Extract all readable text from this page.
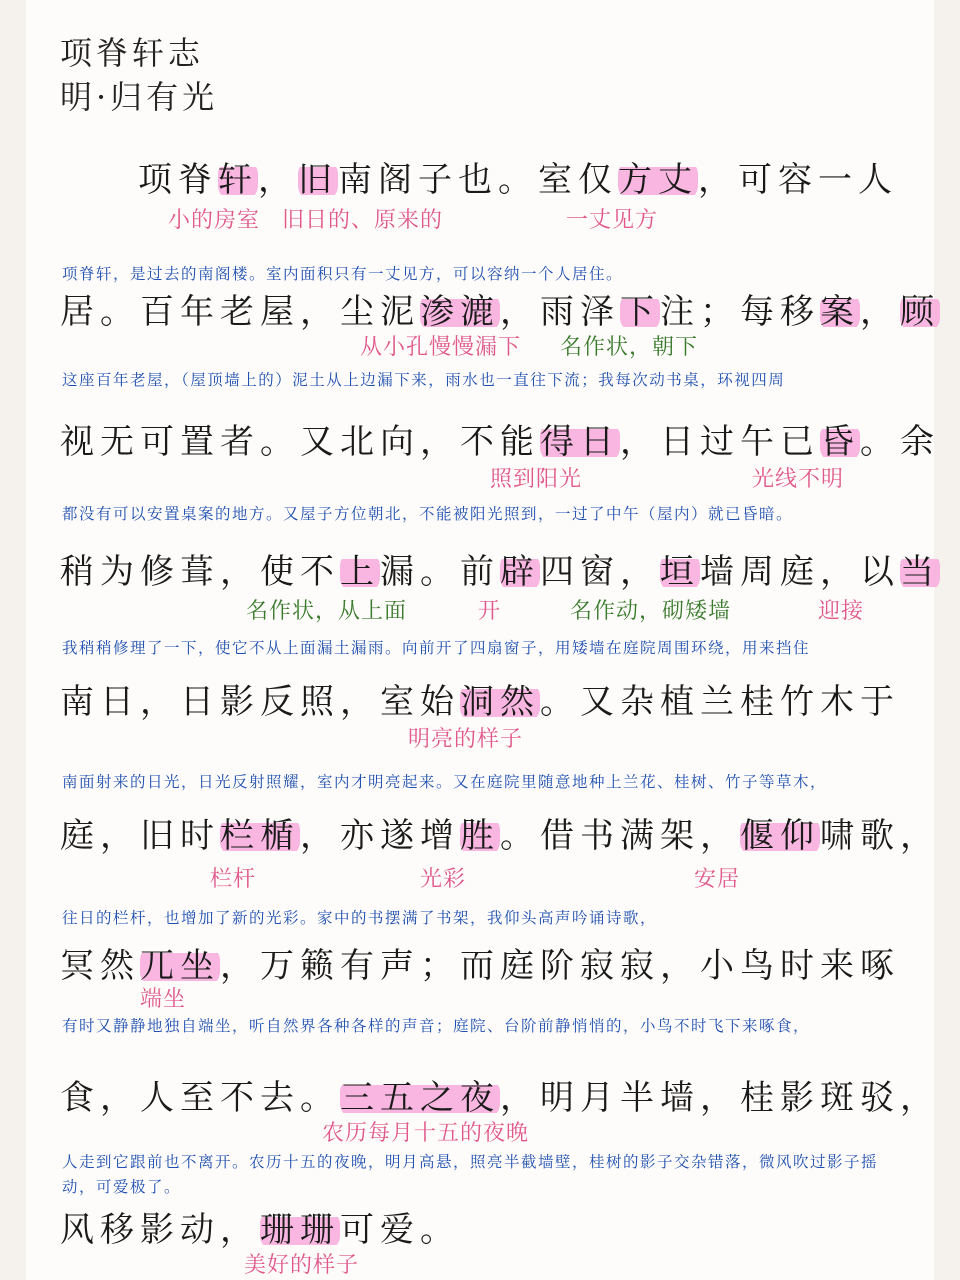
项脊轩志
明·归有光
项脊轩，旧南阁子也。室仅方丈，可容一人
小的房室 旧日的、原来的	一丈见方
项脊轩，是过去的南阁楼。室内面积只有一丈见方，可以容纳一个人居住。
居。百年老屋，尘泥渗漉，雨泽下注；每移案，顾
从小孔慢慢漏下 名作状，朝下
这座百年老屋，（屋顶墙上的）泥土从上边漏下来，雨水也一直往下流；我每次动书桌，环视四周
视无可置者。又北向，不能得日，日过午已昏。余
照到阳光	光线不明
都没有可以安置桌案的地方。又屋子方位朝北，不能被阳光照到，一过了中午（屋内）就已昏暗。
稍为修葺，使不上漏。前辟四窗，垣墙周庭，以当
名作状，从上面	开	名作动，砌矮墙	迎接
我稍稍修理了一下，使它不从上面漏土漏雨。向前开了四扇窗子，用矮墙在庭院周围环绕，用来挡住
南日，日影反照，室始洞然。又杂植兰桂竹木于
明亮的样子
南面射来的日光，日光反射照耀，室内才明亮起来。又在庭院里随意地种上兰花、桂树、竹子等草木，
庭，旧时栏楯，亦遂增胜。借书满架，偃仰啸歌，
栏杆	光彩	安居
往日的栏杆，也增加了新的光彩。家中的书摆满了书架，我仰头高声吟诵诗歌，
冥然兀坐，万籁有声；而庭阶寂寂，小鸟时来啄
端坐
有时又静静地独自端坐，听自然界各种各样的声音；庭院、台阶前静悄悄的，小鸟不时飞下来啄食，
食，人至不去。三五之夜，明月半墙，桂影斑驳，
农历每月十五的夜晚
人走到它跟前也不离开。农历十五的夜晚，明月高悬，照亮半截墙壁，桂树的影子交杂错落，微风吹过影子摇动，可爱极了。
风移影动，珊珊可爱。
美好的样子
